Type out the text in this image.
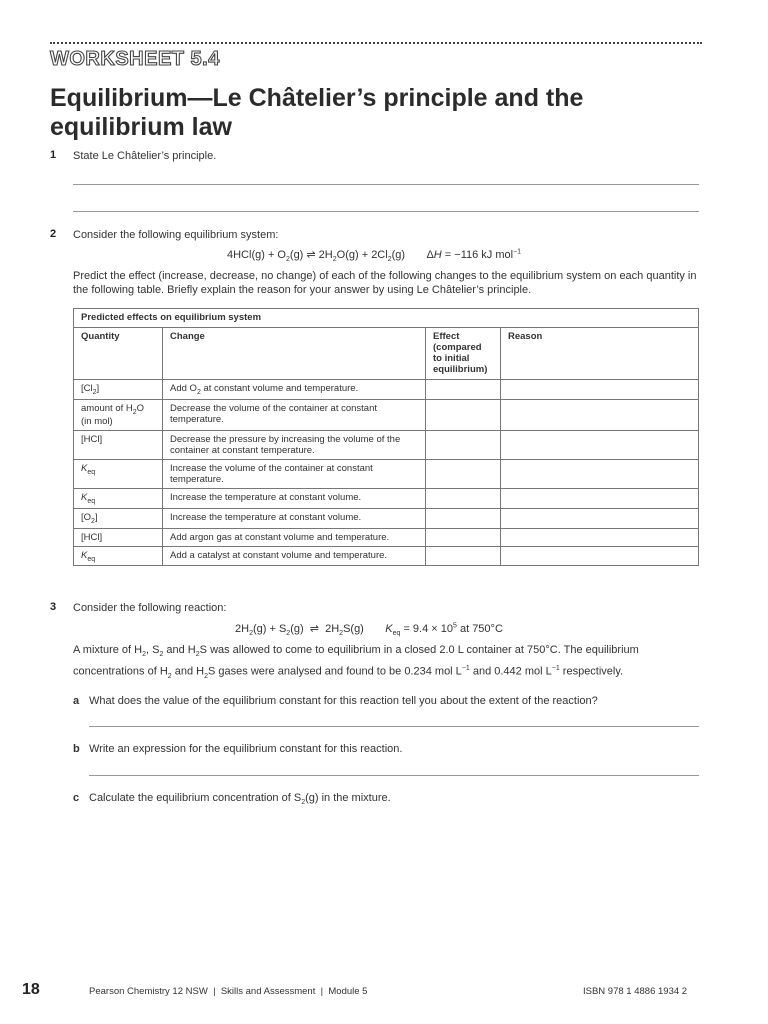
WORKSHEET 5.4
Equilibrium—Le Châtelier’s principle and the equilibrium law
1 State Le Châtelier’s principle.
2 Consider the following equilibrium system:
$4HCl(g) + O_2(g)$ ⇌ $2H_2O(g) + 2Cl_2(g)$       ΔH = −116 kJ mol$^{-1}$
Predict the effect (increase, decrease, no change) of each of the following changes to the equilibrium system on each quantity in the following table. Briefly explain the reason for your answer by using Le Châtelier’s principle.
Predicted effects on equilibrium system			
Quantity	Change	Effect (compared to initial equilibrium)	Reason
$[Cl_2]$	Add $O_2$ at constant volume and temperature.		
amount of $H_2O$ (in mol)	Decrease the volume of the container at constant temperature.		
[HCl]	Decrease the pressure by increasing the volume of the container at constant temperature.		
$K_{eq}$	Increase the volume of the container at constant temperature.		
$K_{eq}$	Increase the temperature at constant volume.		
$[O_2]$	Increase the temperature at constant volume.		
[HCl]	Add argon gas at constant volume and temperature.		
$K_{eq}$	Add a catalyst at constant volume and temperature.		
3 Consider the following reaction:
$2H_2(g) + S_2(g)$  ⇌  $2H_2S(g)$       $K_{eq} = 9.4 \times 10^5$ at 750°C
A mixture of $H_2$, $S_2$ and $H_2S$ was allowed to come to equilibrium in a closed 2.0 L container at 750°C. The equilibrium concentrations of $H_2$ and $H_2S$ gases were analysed and found to be 0.234 mol $L^{-1}$ and 0.442 mol $L^{-1}$ respectively.
a What does the value of the equilibrium constant for this reaction tell you about the extent of the reaction?
b Write an expression for the equilibrium constant for this reaction.
c Calculate the equilibrium concentration of $S_2(g)$ in the mixture.
18	Pearson Chemistry 12 NSW | Skills and Assessment | Module 5	ISBN 978 1 4886 1934 2
